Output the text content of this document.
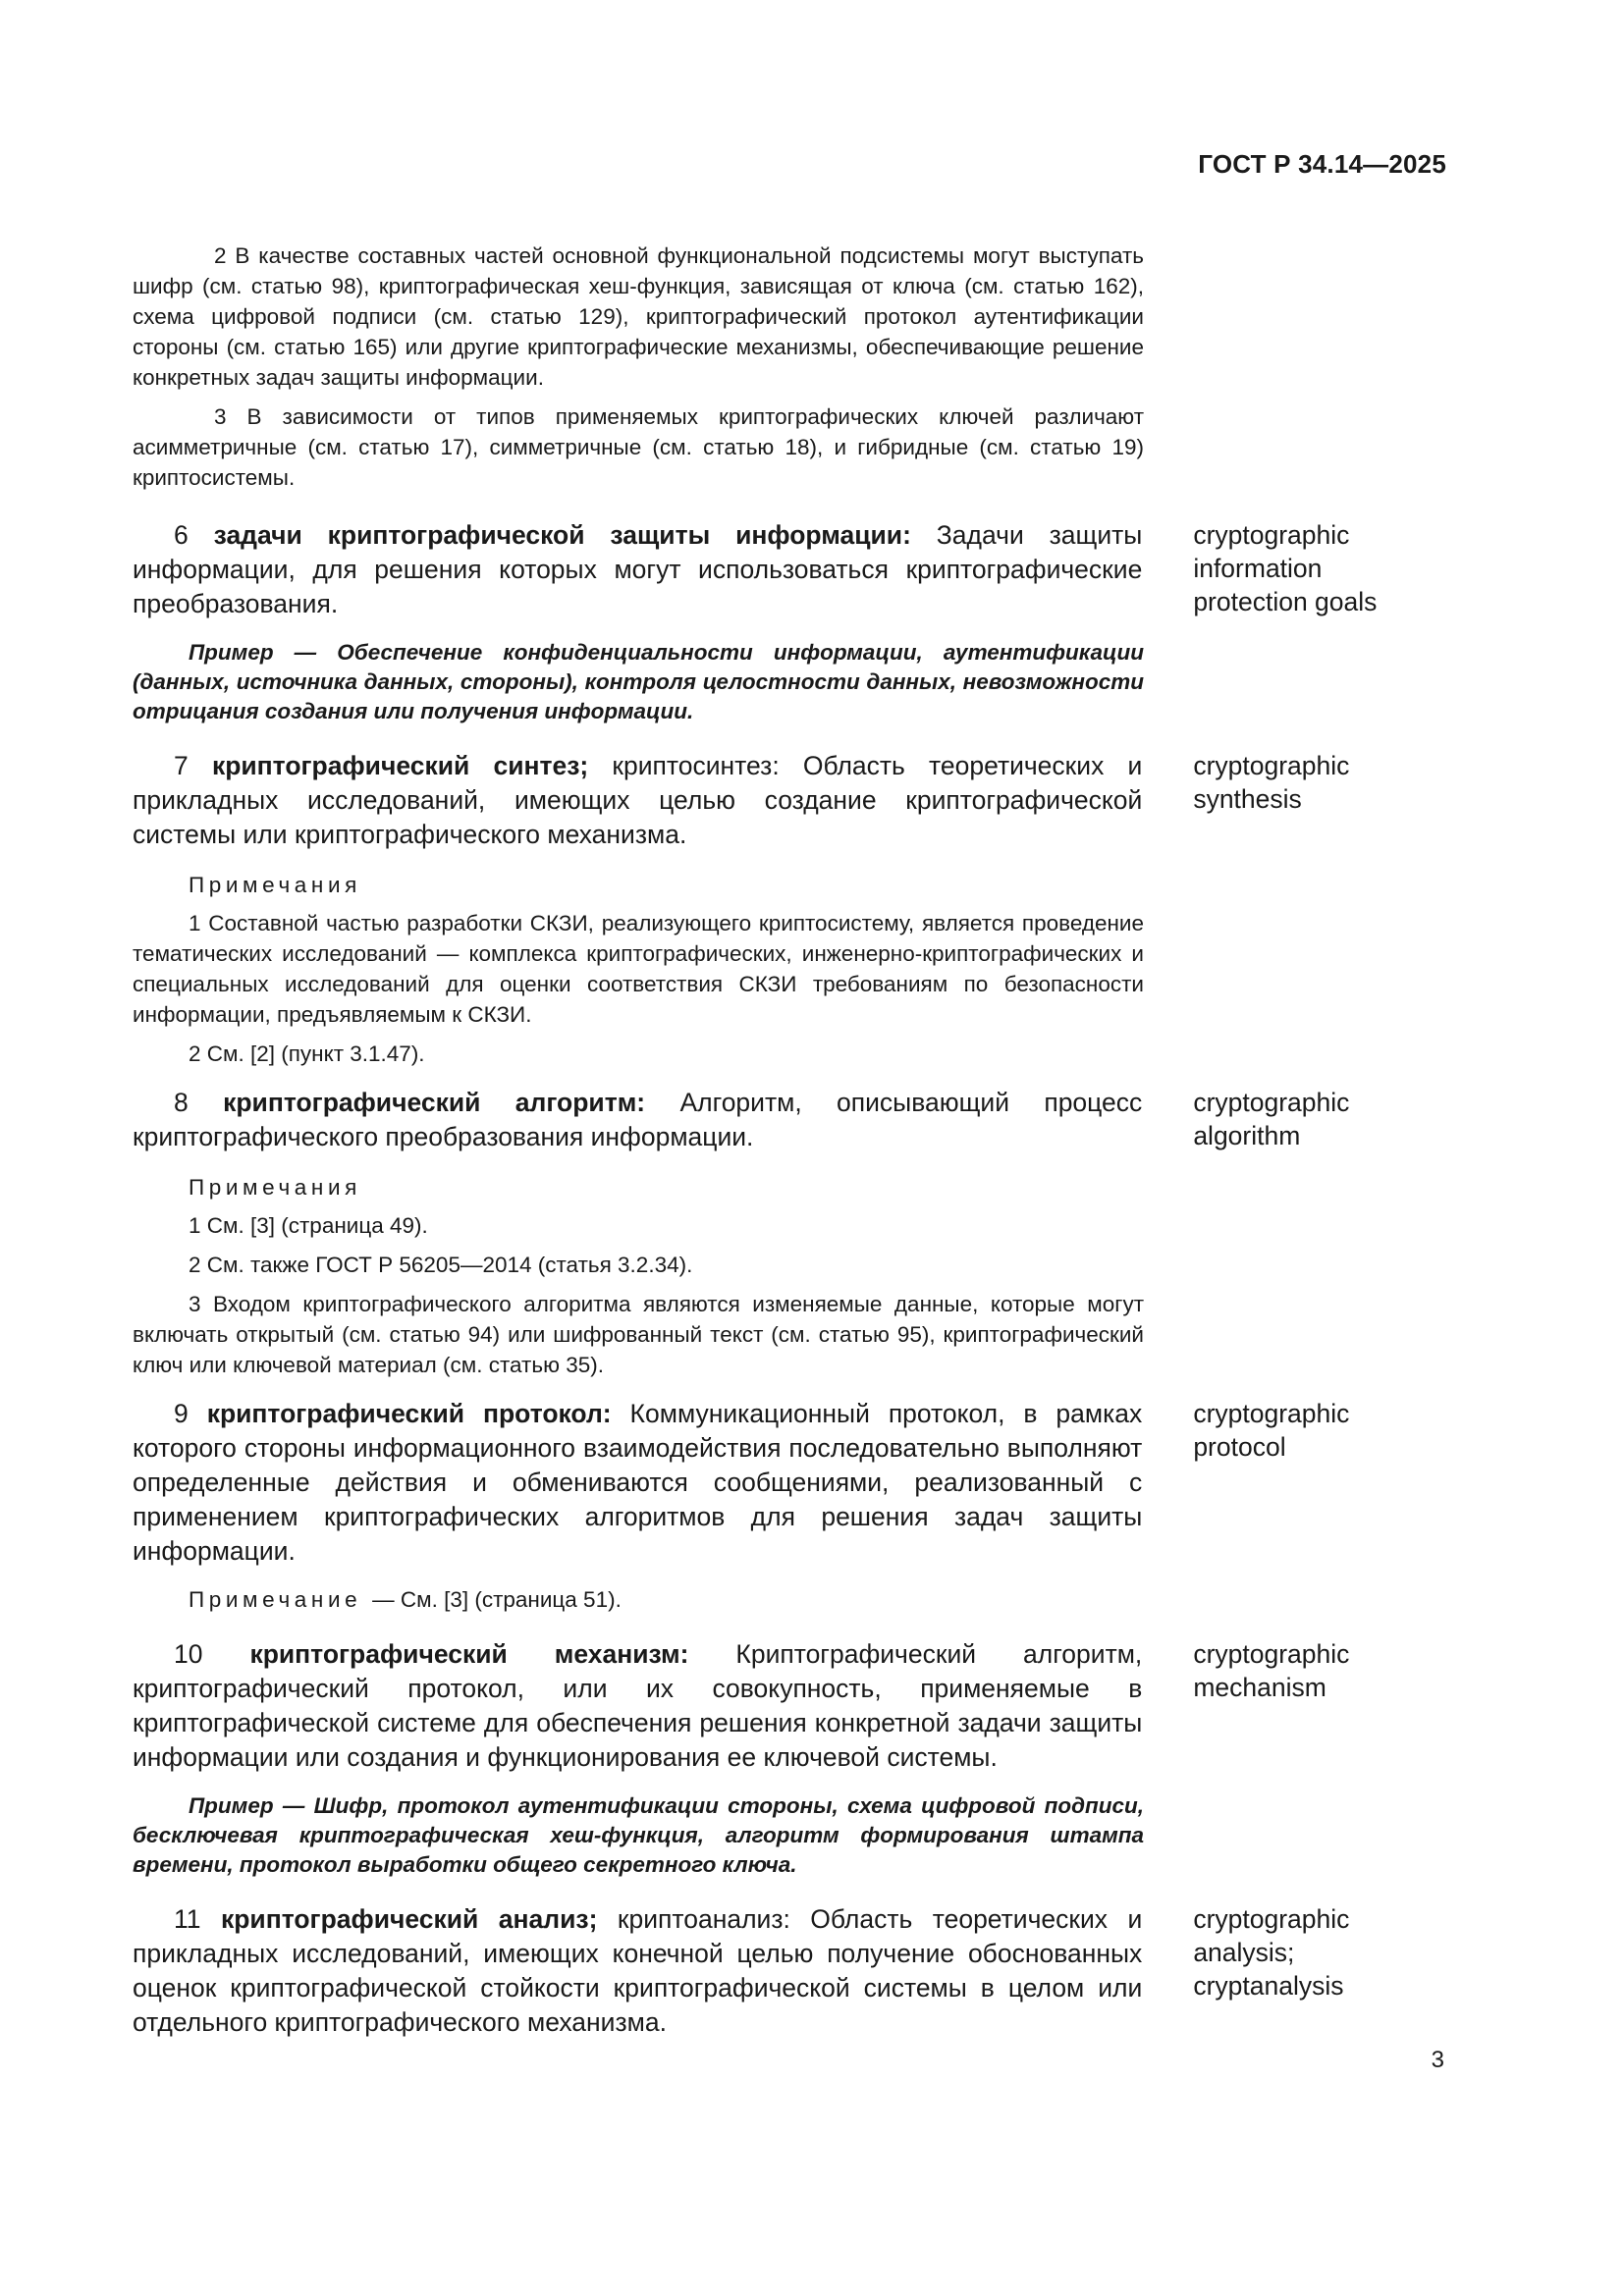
ГОСТ Р 34.14—2025

2 В качестве составных частей основной функциональной подсистемы могут выступать шифр (см. статью 98), криптографическая хеш-функция, зависящая от ключа (см. статью 162), схема цифровой подписи (см. статью 129), криптографический протокол аутентификации стороны (см. статью 165) или другие криптографические механизмы, обеспечивающие решение конкретных задач защиты информации.

3 В зависимости от типов применяемых криптографических ключей различают асимметричные (см. статью 17), симметричные (см. статью 18), и гибридные (см. статью 19) криптосистемы.

6 задачи криптографической защиты информации: Задачи защиты информации, для решения которых могут использоваться криптографические преобразования.

cryptographic information protection goals

Пример — Обеспечение конфиденциальности информации, аутентификации (данных, источника данных, стороны), контроля целостности данных, невозможности отрицания создания или получения информации.

7 криптографический синтез; криптосинтез: Область теоретических и прикладных исследований, имеющих целью создание криптографической системы или криптографического механизма.

cryptographic synthesis
Примечания

1 Составной частью разработки СКЗИ, реализующего криптосистему, является проведение тематических исследований — комплекса криптографических, инженерно-криптографических и специальных исследований для оценки соответствия СКЗИ требованиям по безопасности информации, предъявляемым к СКЗИ.

2 См. [2] (пункт 3.1.47).

8 криптографический алгоритм: Алгоритм, описывающий процесс криптографического преобразования информации.

cryptographic algorithm
Примечания

1 См. [3] (страница 49).

2 См. также ГОСТ Р 56205—2014 (статья 3.2.34).

3 Входом криптографического алгоритма являются изменяемые данные, которые могут включать открытый (см. статью 94) или шифрованный текст (см. статью 95), криптографический ключ или ключевой материал (см. статью 35).

9 криптографический протокол: Коммуникационный протокол, в рамках которого стороны информационного взаимодействия последовательно выполняют определенные действия и обмениваются сообщениями, реализованный с применением криптографических алгоритмов для решения задач защиты информации.

cryptographic protocol
Примечание — См. [3] (страница 51).

10 криптографический механизм: Криптографический алгоритм, криптографический протокол, или их совокупность, применяемые в криптографической системе для обеспечения решения конкретной задачи защиты информации или создания и функционирования ее ключевой системы.

cryptographic mechanism

Пример — Шифр, протокол аутентификации стороны, схема цифровой подписи, бесключевая криптографическая хеш-функция, алгоритм формирования штампа времени, протокол выработки общего секретного ключа.

11 криптографический анализ; криптоанализ: Область теоретических и прикладных исследований, имеющих конечной целью получение обоснованных оценок криптографической стойкости криптографической системы в целом или отдельного криптографического механизма.

cryptographic analysis; cryptanalysis
3
